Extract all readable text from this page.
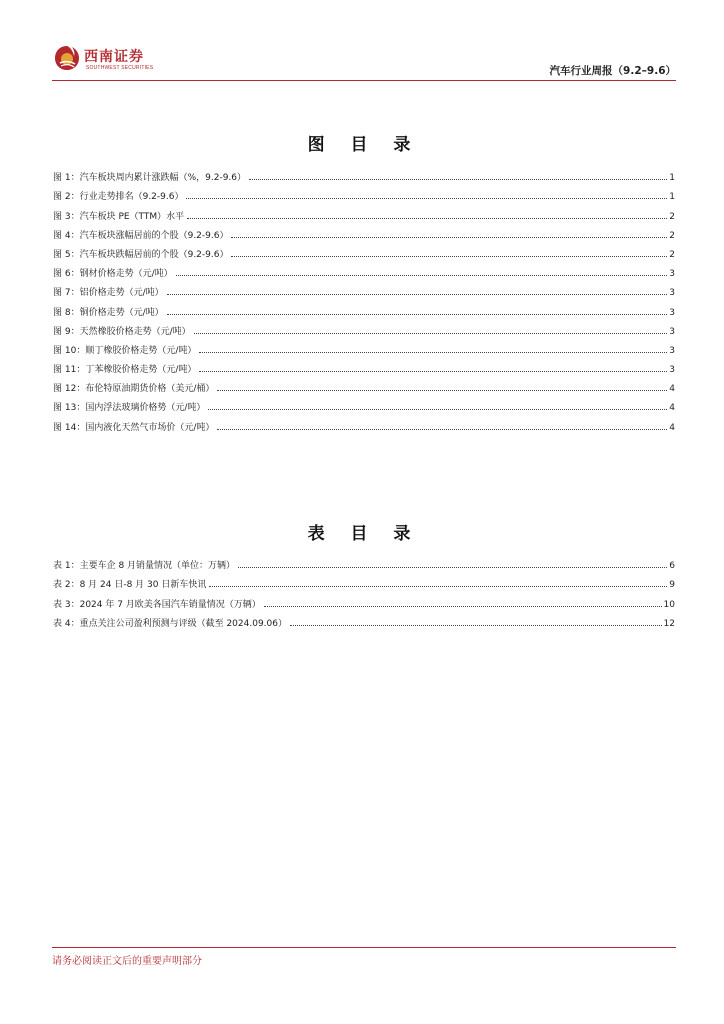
西南证券
SOUTHWEST SECURITIES	汽车行业周报（9.2–9.6）
图 目 录
图 1：汽车板块周内累计涨跌幅（%，9.2-9.6）	1
图 2：行业走势排名（9.2-9.6）	1
图 3：汽车板块 PE（TTM）水平	2
图 4：汽车板块涨幅居前的个股（9.2-9.6）	2
图 5：汽车板块跌幅居前的个股（9.2-9.6）	2
图 6：钢材价格走势（元/吨）	3
图 7：铝价格走势（元/吨）	3
图 8：铜价格走势（元/吨）	3
图 9：天然橡胶价格走势（元/吨）	3
图 10：顺丁橡胶价格走势（元/吨）	3
图 11：丁苯橡胶价格走势（元/吨）	3
图 12：布伦特原油期货价格（美元/桶）	4
图 13：国内浮法玻璃价格势（元/吨）	4
图 14：国内液化天然气市场价（元/吨）	4
表 目 录
表 1：主要车企 8 月销量情况（单位：万辆）	6
表 2：8 月 24 日-8 月 30 日新车快讯	9
表 3：2024 年 7 月欧美各国汽车销量情况（万辆）	10
表 4：重点关注公司盈利预测与评级（截至 2024.09.06）	12
请务必阅读正文后的重要声明部分
